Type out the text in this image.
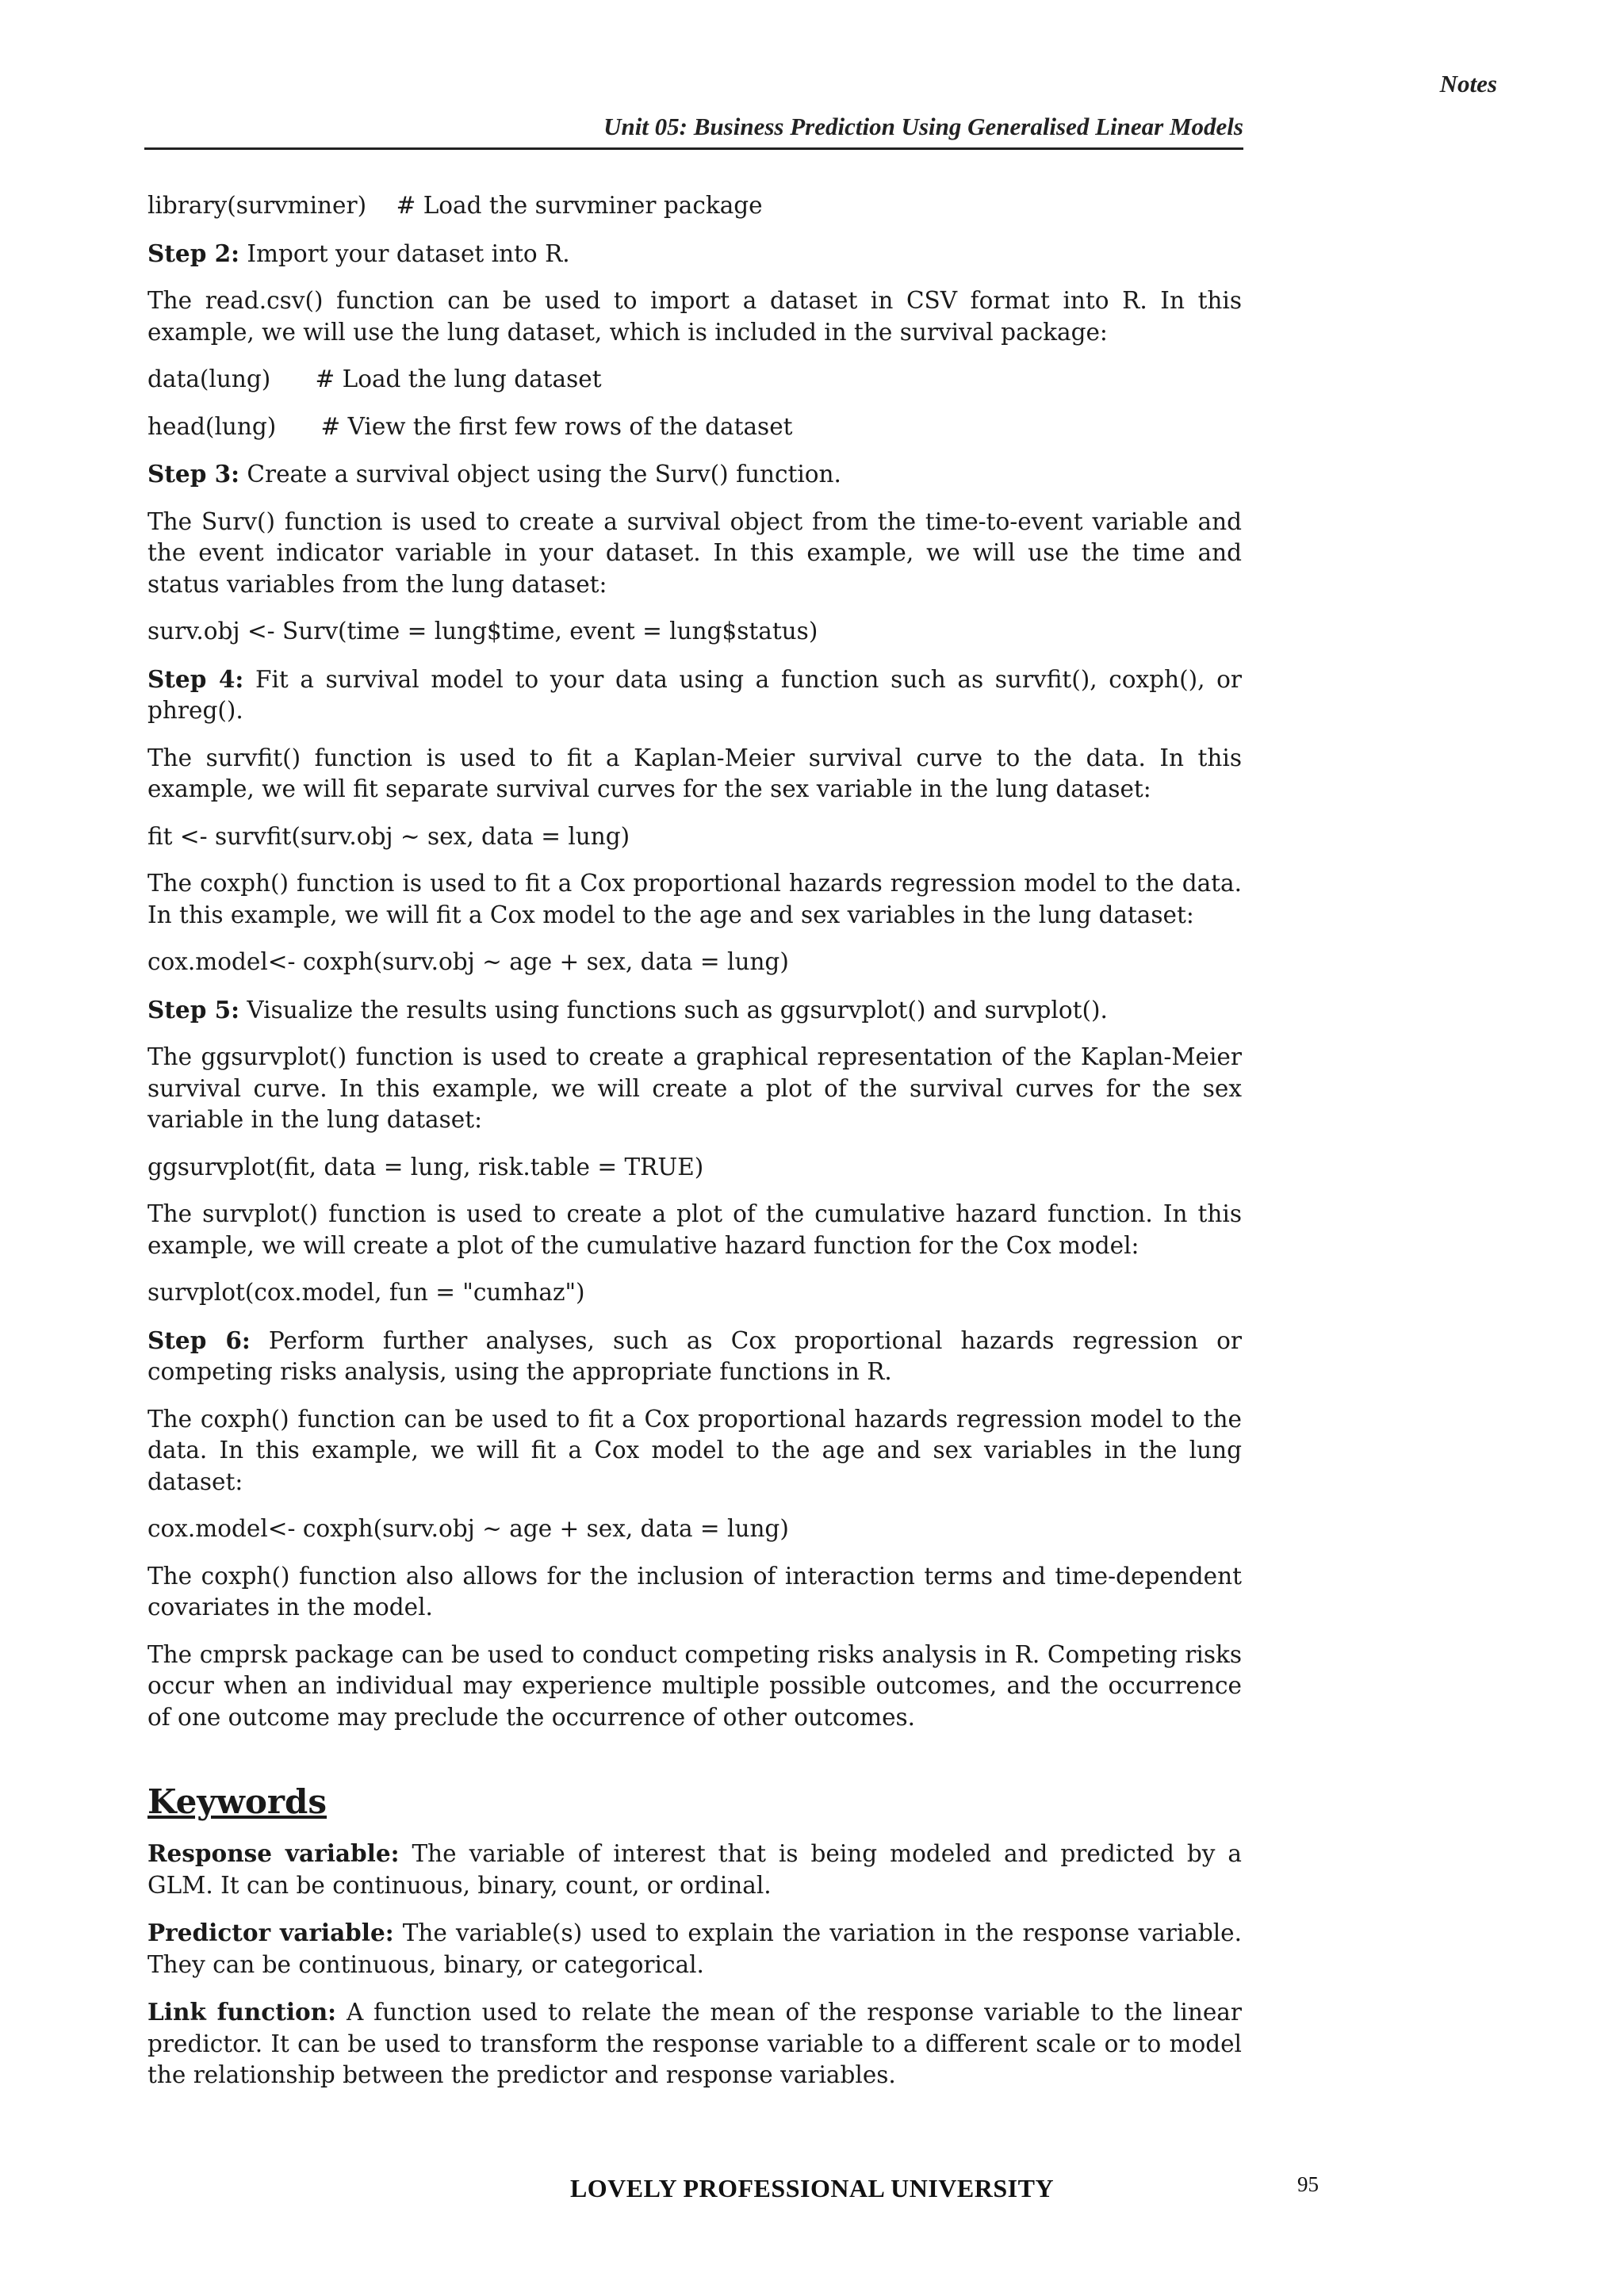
Notes
Unit 05: Business Prediction Using Generalised Linear Models

library(survminer)    # Load the survminer package

Step 2: Import your dataset into R.

The read.csv() function can be used to import a dataset in CSV format into R. In this example, we will use the lung dataset, which is included in the survival package:

data(lung)      # Load the lung dataset

head(lung)      # View the first few rows of the dataset

Step 3: Create a survival object using the Surv() function.

The Surv() function is used to create a survival object from the time-to-event variable and the event indicator variable in your dataset. In this example, we will use the time and status variables from the lung dataset:

surv.obj <- Surv(time = lung$time, event = lung$status)

Step 4: Fit a survival model to your data using a function such as survfit(), coxph(), or phreg().

The survfit() function is used to fit a Kaplan-Meier survival curve to the data. In this example, we will fit separate survival curves for the sex variable in the lung dataset:

fit <- survfit(surv.obj ~ sex, data = lung)

The coxph() function is used to fit a Cox proportional hazards regression model to the data. In this example, we will fit a Cox model to the age and sex variables in the lung dataset:

cox.model<- coxph(surv.obj ~ age + sex, data = lung)

Step 5: Visualize the results using functions such as ggsurvplot() and survplot().

The ggsurvplot() function is used to create a graphical representation of the Kaplan-Meier survival curve. In this example, we will create a plot of the survival curves for the sex variable in the lung dataset:

ggsurvplot(fit, data = lung, risk.table = TRUE)

The survplot() function is used to create a plot of the cumulative hazard function. In this example, we will create a plot of the cumulative hazard function for the Cox model:

survplot(cox.model, fun = "cumhaz")

Step 6: Perform further analyses, such as Cox proportional hazards regression or competing risks analysis, using the appropriate functions in R.

The coxph() function can be used to fit a Cox proportional hazards regression model to the data. In this example, we will fit a Cox model to the age and sex variables in the lung dataset:

cox.model<- coxph(surv.obj ~ age + sex, data = lung)

The coxph() function also allows for the inclusion of interaction terms and time-dependent covariates in the model.

The cmprsk package can be used to conduct competing risks analysis in R. Competing risks occur when an individual may experience multiple possible outcomes, and the occurrence of one outcome may preclude the occurrence of other outcomes.

Keywords

Response variable: The variable of interest that is being modeled and predicted by a GLM. It can be continuous, binary, count, or ordinal.

Predictor variable: The variable(s) used to explain the variation in the response variable. They can be continuous, binary, or categorical.

Link function: A function used to relate the mean of the response variable to the linear predictor. It can be used to transform the response variable to a different scale or to model the relationship between the predictor and response variables.

LOVELY PROFESSIONAL UNIVERSITY	95
